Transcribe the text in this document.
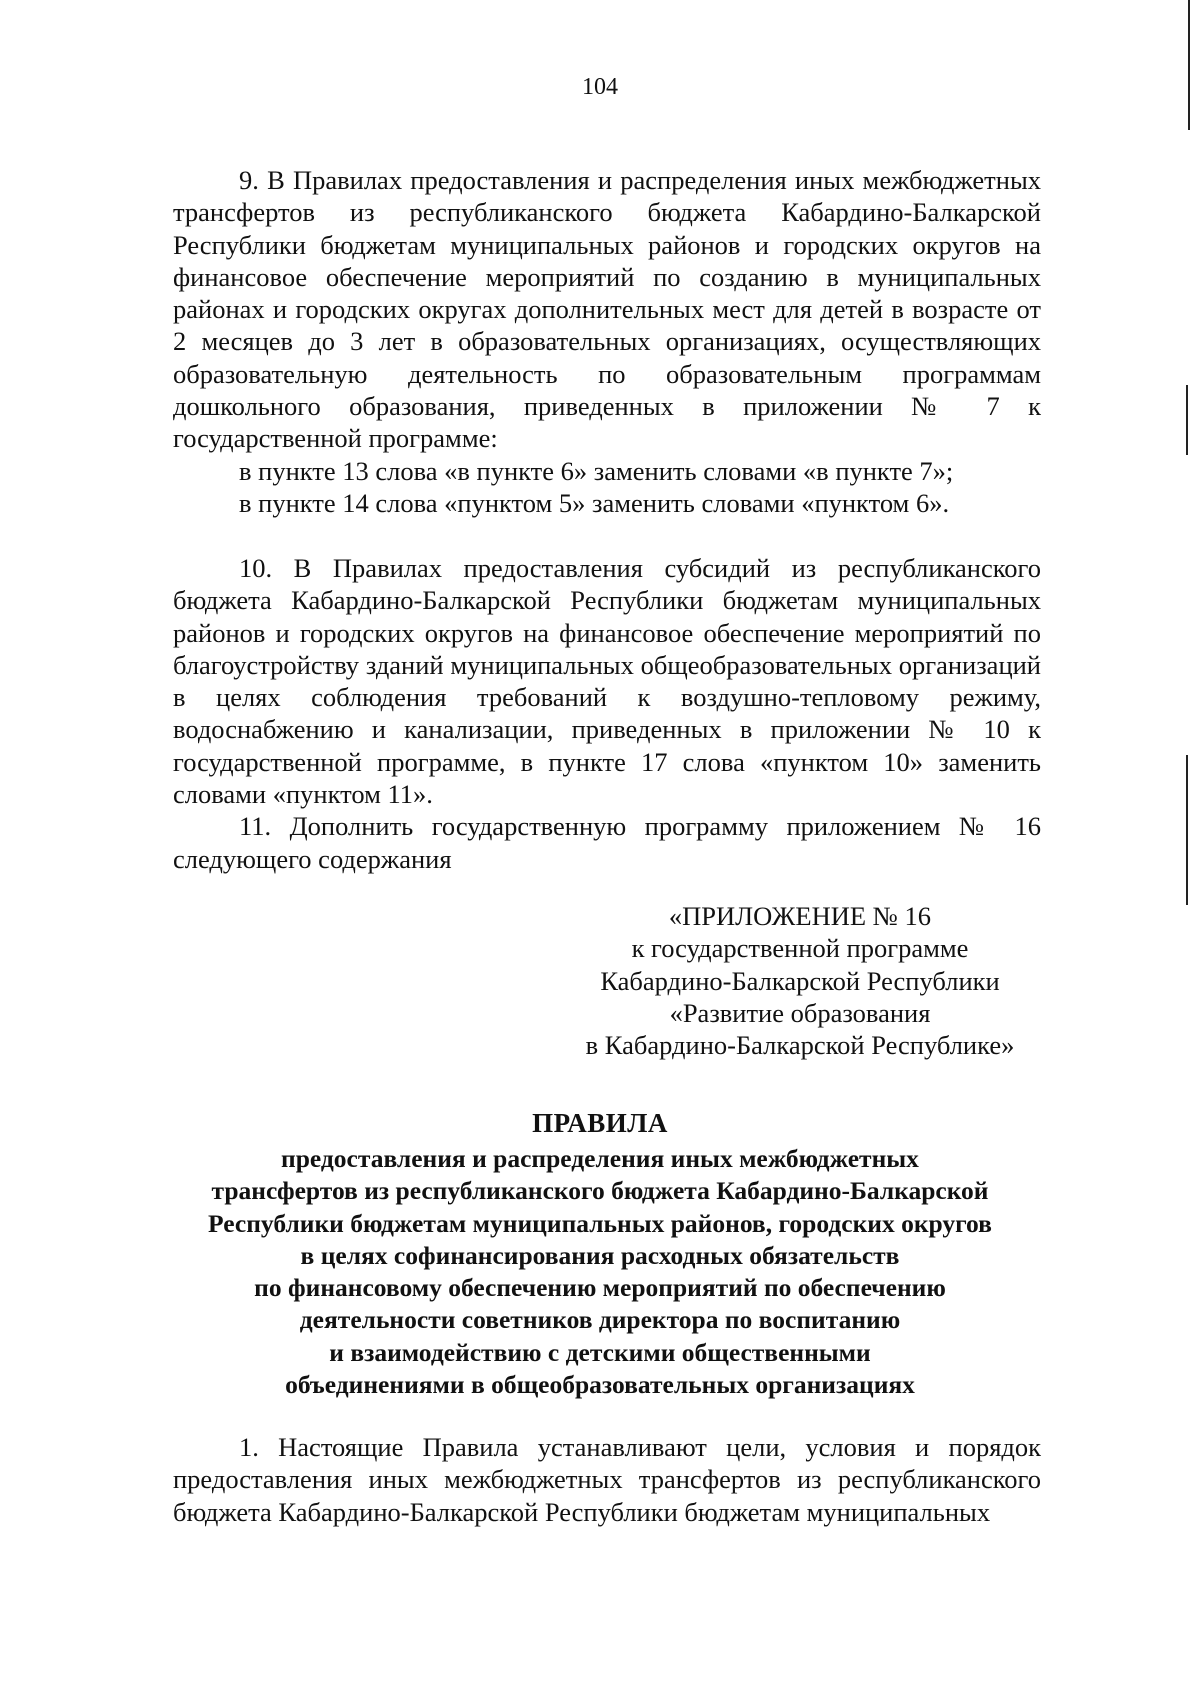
104

9. В Правилах предоставления и распределения иных межбюджетных трансфертов из республиканского бюджета Кабардино-Балкарской Республики бюджетам муниципальных районов и городских округов на финансовое обеспечение мероприятий по созданию в муниципальных районах и городских округах дополнительных мест для детей в возрасте от 2 месяцев до 3 лет в образовательных организациях, осуществляющих образовательную деятельность по образовательным программам дошкольного образования, приведенных в приложении № 7 к государственной программе:

в пункте 13 слова «в пункте 6» заменить словами «в пункте 7»;

в пункте 14 слова «пунктом 5» заменить словами «пунктом 6».

10. В Правилах предоставления субсидий из республиканского бюджета Кабардино-Балкарской Республики бюджетам муниципальных районов и городских округов на финансовое обеспечение мероприятий по благоустройству зданий муниципальных общеобразовательных организаций в целях соблюдения требований к воздушно-тепловому режиму, водоснабжению и канализации, приведенных в приложении № 10 к государственной программе, в пункте 17 слова «пунктом 10» заменить словами «пунктом 11».

11. Дополнить государственную программу приложением № 16 следующего содержания

«ПРИЛОЖЕНИЕ № 16
к государственной программе
Кабардино-Балкарской Республики
«Развитие образования
в Кабардино-Балкарской Республике»
ПРАВИЛА
предоставления и распределения иных межбюджетных
трансфертов из республиканского бюджета Кабардино-Балкарской
Республики бюджетам муниципальных районов, городских округов
в целях софинансирования расходных обязательств
по финансовому обеспечению мероприятий по обеспечению
деятельности советников директора по воспитанию
и взаимодействию с детскими общественными
объединениями в общеобразовательных организациях

1. Настоящие Правила устанавливают цели, условия и порядок предоставления иных межбюджетных трансфертов из республиканского бюджета Кабардино-Балкарской Республики бюджетам муниципальных
